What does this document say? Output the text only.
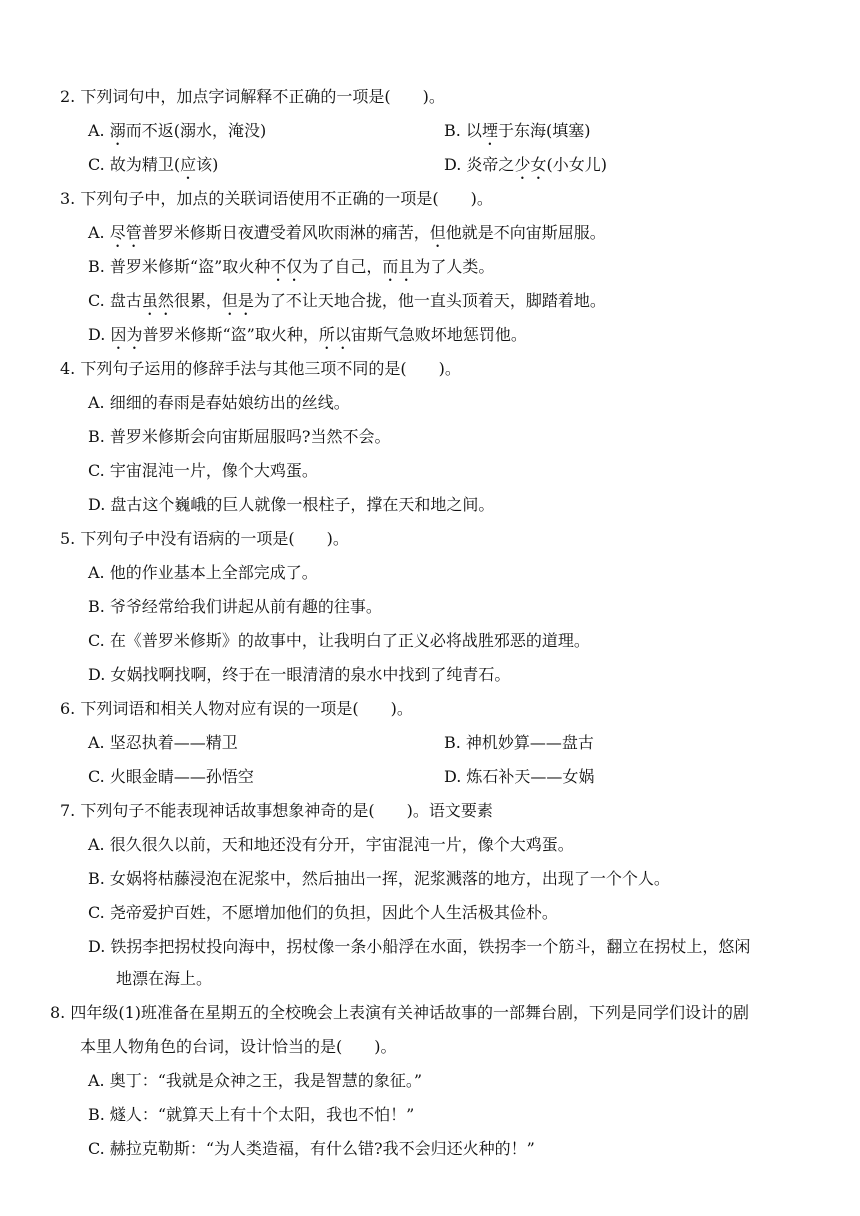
2. 下列词句中，加点字词解释不正确的一项是(　　)。
A. 溺而不返(溺水，淹没)	B. 以堙于东海(填塞)
C. 故为精卫(应该)	D. 炎帝之少女(小女儿)
3. 下列句子中，加点的关联词语使用不正确的一项是(　　)。
A. 尽管普罗米修斯日夜遭受着风吹雨淋的痛苦，但他就是不向宙斯屈服。
B. 普罗米修斯“盗”取火种不仅为了自己，而且为了人类。
C. 盘古虽然很累，但是为了不让天地合拢，他一直头顶着天，脚踏着地。
D. 因为普罗米修斯“盗”取火种，所以宙斯气急败坏地惩罚他。
4. 下列句子运用的修辞手法与其他三项不同的是(　　)。
A. 细细的春雨是春姑娘纺出的丝线。
B. 普罗米修斯会向宙斯屈服吗?当然不会。
C. 宇宙混沌一片，像个大鸡蛋。
D. 盘古这个巍峨的巨人就像一根柱子，撑在天和地之间。
5. 下列句子中没有语病的一项是(　　)。
A. 他的作业基本上全部完成了。
B. 爷爷经常给我们讲起从前有趣的往事。
C. 在《普罗米修斯》的故事中，让我明白了正义必将战胜邪恶的道理。
D. 女娲找啊找啊，终于在一眼清清的泉水中找到了纯青石。
6. 下列词语和相关人物对应有误的一项是(　　)。
A. 坚忍执着——精卫	B. 神机妙算——盘古
C. 火眼金睛——孙悟空	D. 炼石补天——女娲
7. 下列句子不能表现神话故事想象神奇的是(　　)。语文要素
A. 很久很久以前，天和地还没有分开，宇宙混沌一片，像个大鸡蛋。
B. 女娲将枯藤浸泡在泥浆中，然后抽出一挥，泥浆溅落的地方，出现了一个个人。
C. 尧帝爱护百姓，不愿增加他们的负担，因此个人生活极其俭朴。
D. 铁拐李把拐杖投向海中，拐杖像一条小船浮在水面，铁拐李一个筋斗，翻立在拐杖上，悠闲
地漂在海上。
8. 四年级(1)班准备在星期五的全校晚会上表演有关神话故事的一部舞台剧，下列是同学们设计的剧
本里人物角色的台词，设计恰当的是(　　)。
A. 奥丁：“我就是众神之王，我是智慧的象征。”
B. 燧人：“就算天上有十个太阳，我也不怕！”
C. 赫拉克勒斯：“为人类造福，有什么错?我不会归还火种的！”
